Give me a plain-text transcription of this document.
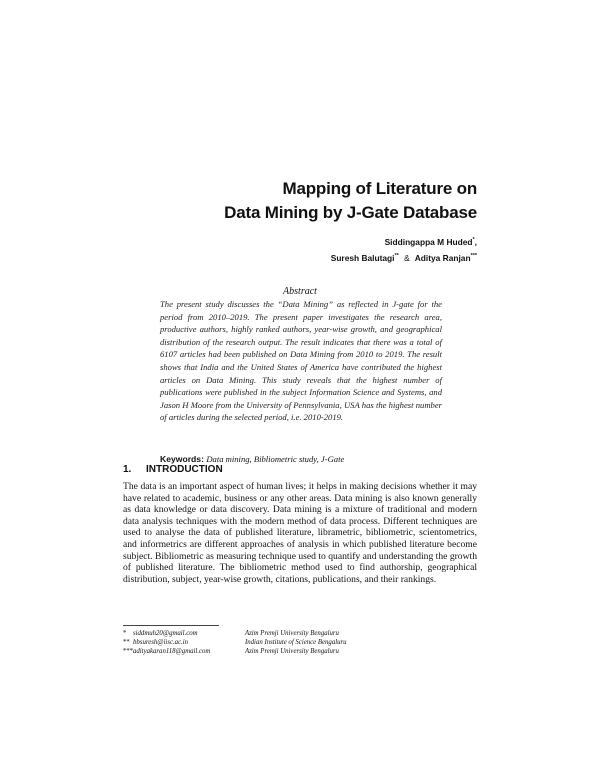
Mapping of Literature on
Data Mining by J-Gate Database
Siddingappa M Huded*,
Suresh Balutagi** & Aditya Ranjan***
Abstract
The present study discusses the “Data Mining” as reflected in J-gate for the period from 2010–2019. The present paper investigates the research area, productive authors, highly ranked authors, year-wise growth, and geographical distribution of the research output. The result indicates that there was a total of 6107 articles had been published on Data Mining from 2010 to 2019. The result shows that India and the United States of America have contributed the highest articles on Data Mining. This study reveals that the highest number of publications were published in the subject Information Science and Systems, and Jason H Moore from the University of Pennsylvania, USA has the highest number of articles during the selected period, i.e. 2010-2019.
Keywords: Data mining, Bibliometric study, J-Gate
1. INTRODUCTION
The data is an important aspect of human lives; it helps in making decisions whether it may have related to academic, business or any other areas. Data mining is also known generally as data knowledge or data discovery. Data mining is a mixture of traditional and modern data analysis techniques with the modern method of data process. Different techniques are used to analyse the data of published literature, librametric, bibliometric, scientometrics, and informetrics are different approaches of analysis in which published literature become subject. Bibliometric as measuring technique used to quantify and understanding the growth of published literature. The bibliometric method used to find authorship, geographical distribution, subject, year-wise growth, citations, publications, and their rankings.
* siddmuh20@gmail.com	Azim Premji University Bengaluru
** bbsuresh@iisc.ac.in	Indian Institute of Science Bengaluru
*** adityakaran118@gmail.com	Azim Premji University Bengaluru
